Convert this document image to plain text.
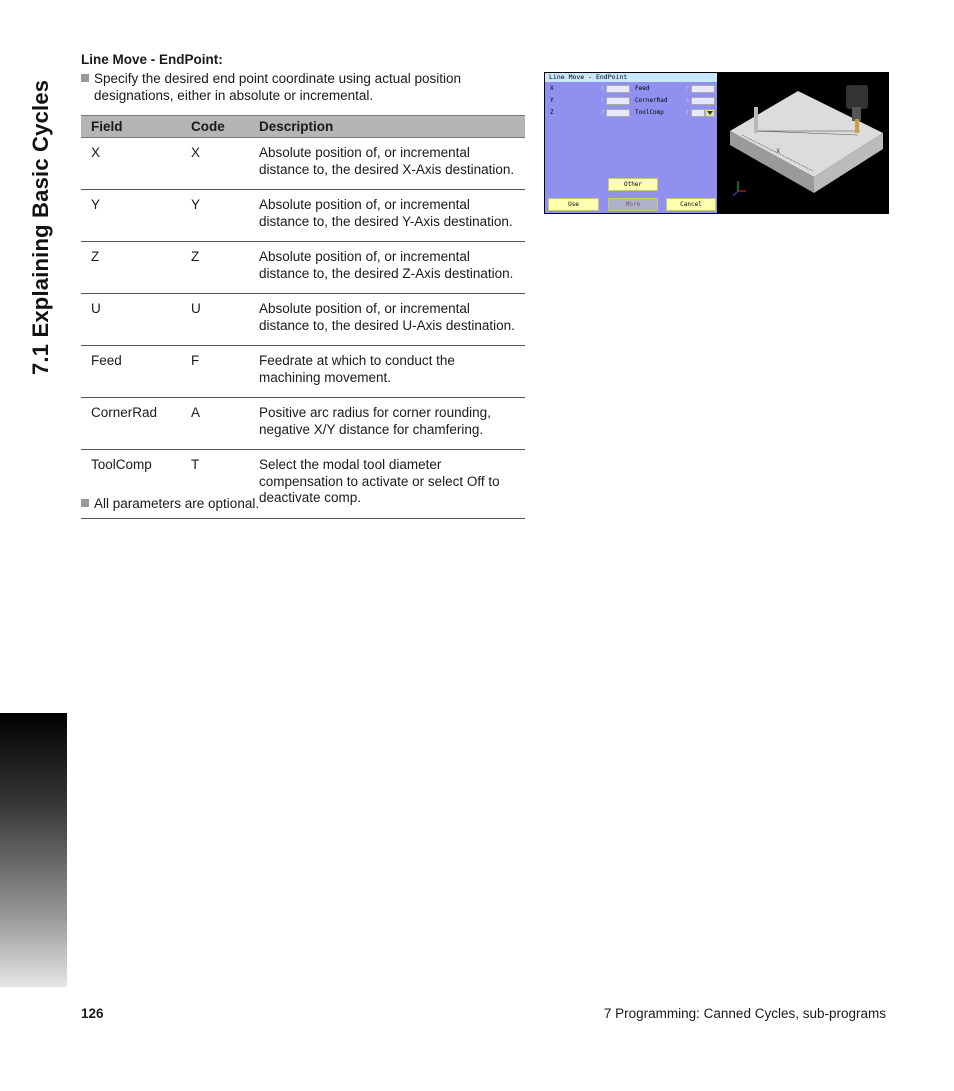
7.1 Explaining Basic Cycles
Line Move - EndPoint:
Specify the desired end point coordinate using actual position
designations, either in absolute or incremental.
Field	Code	Description
X	X	Absolute position of, or incremental
distance to, the desired X-Axis destination.

Y	Y	Absolute position of, or incremental
distance to, the desired Y-Axis destination.

Z	Z	Absolute position of, or incremental
distance to, the desired Z-Axis destination.

U	U	Absolute position of, or incremental
distance to, the desired U-Axis destination.

Feed	F	Feedrate at which to conduct the
machining movement.

CornerRad	A	Positive arc radius for corner rounding,
negative X/Y distance for chamfering.

ToolComp	T	Select the modal tool diameter
compensation to activate or select Off to
deactivate comp.
All parameters are optional.
Line Move - EndPoint
X	X
Y	Y
Z	Z
Feed	F
CornerRad	A
ToolComp	T
Other
Use	More	Cancel
X
126	7 Programming: Canned Cycles, sub-programs
